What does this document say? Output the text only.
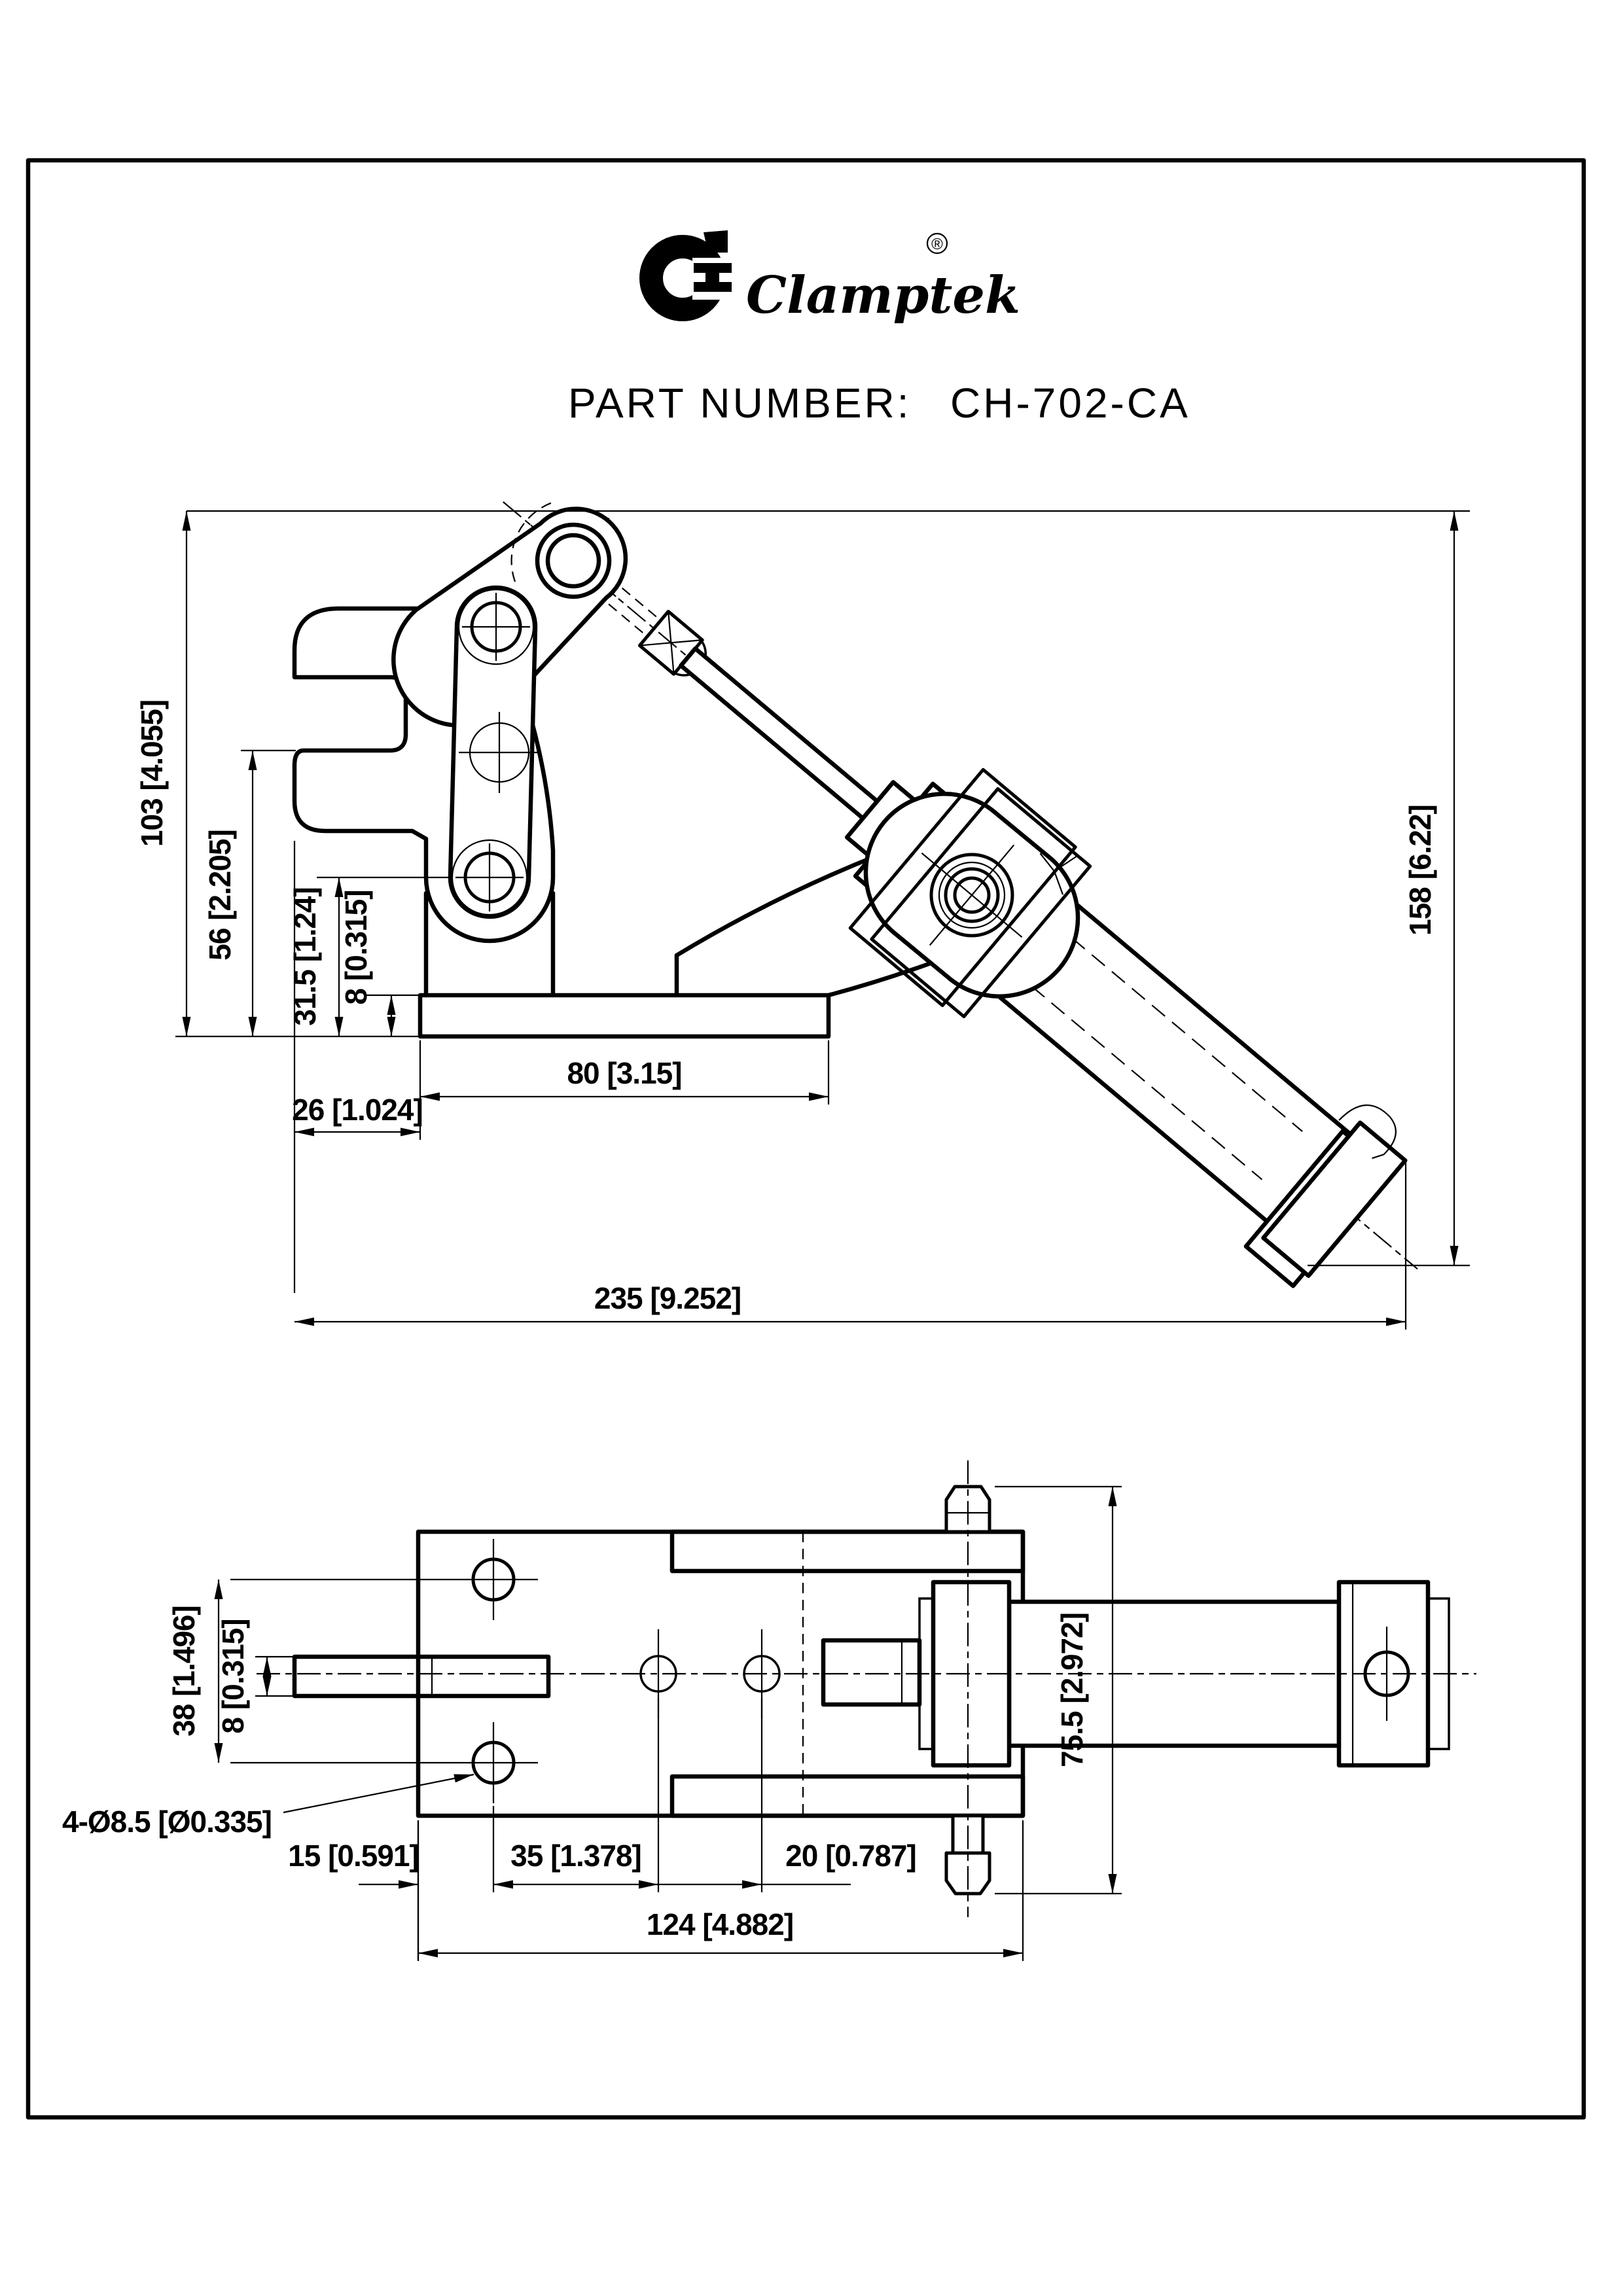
Clamptek
®
PART NUMBER: CH-702-CA
103 [4.055]
56 [2.205] 31.5 [1.24] 8 [0.315]
26 [1.024]
80 [3.15]
235 [9.252]
158 [6.22]
38 [1.496] 8 [0.315]
4-Ø8.5 [Ø0.335]
15 [0.591]	35 [1.378]	20 [0.787]
124 [4.882]
75.5 [2.972]
